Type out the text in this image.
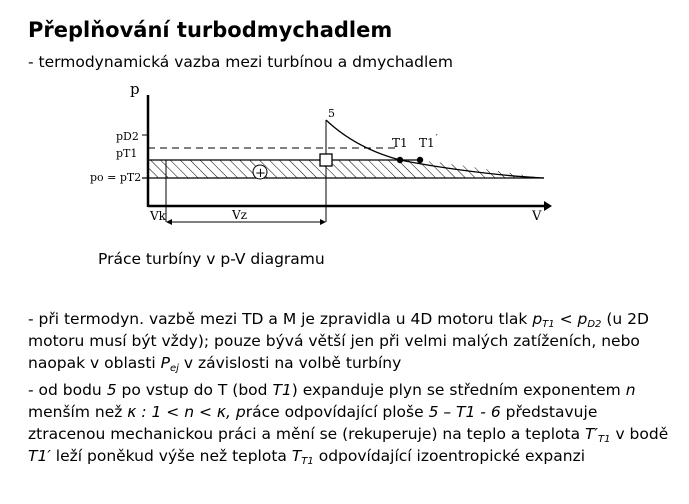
Přeplňování turbodmychadlem
- termodynamická vazba mezi turbínou a dmychadlem
p
V
pD2
pT1
po = pT2
5
T1 T1′
Vk	Vz
+
Práce turbíny v p-V diagramu
- při termodyn. vazbě mezi TD a M je zpravidla u 4D motoru tlak $p_{T1} < p_{D2}$ (u 2D motoru musí být vždy); pouze bývá větší jen při velmi malých zatíženích, nebo naopak v oblasti $P_{ej}$ v závislosti na volbě turbíny
- od bodu 5 po vstup do T (bod T1) expanduje plyn se středním exponentem n menším než κ : 1 < n < κ, práce odpovídající ploše 5 – T1 - 6 představuje ztracenou mechanickou práci a mění se (rekuperuje) na teplo a teplota $T'_{T1}$ v bodě T1′ leží poněkud výše než teplota $T_{T1}$ odpovídající izoentropické expanzi
